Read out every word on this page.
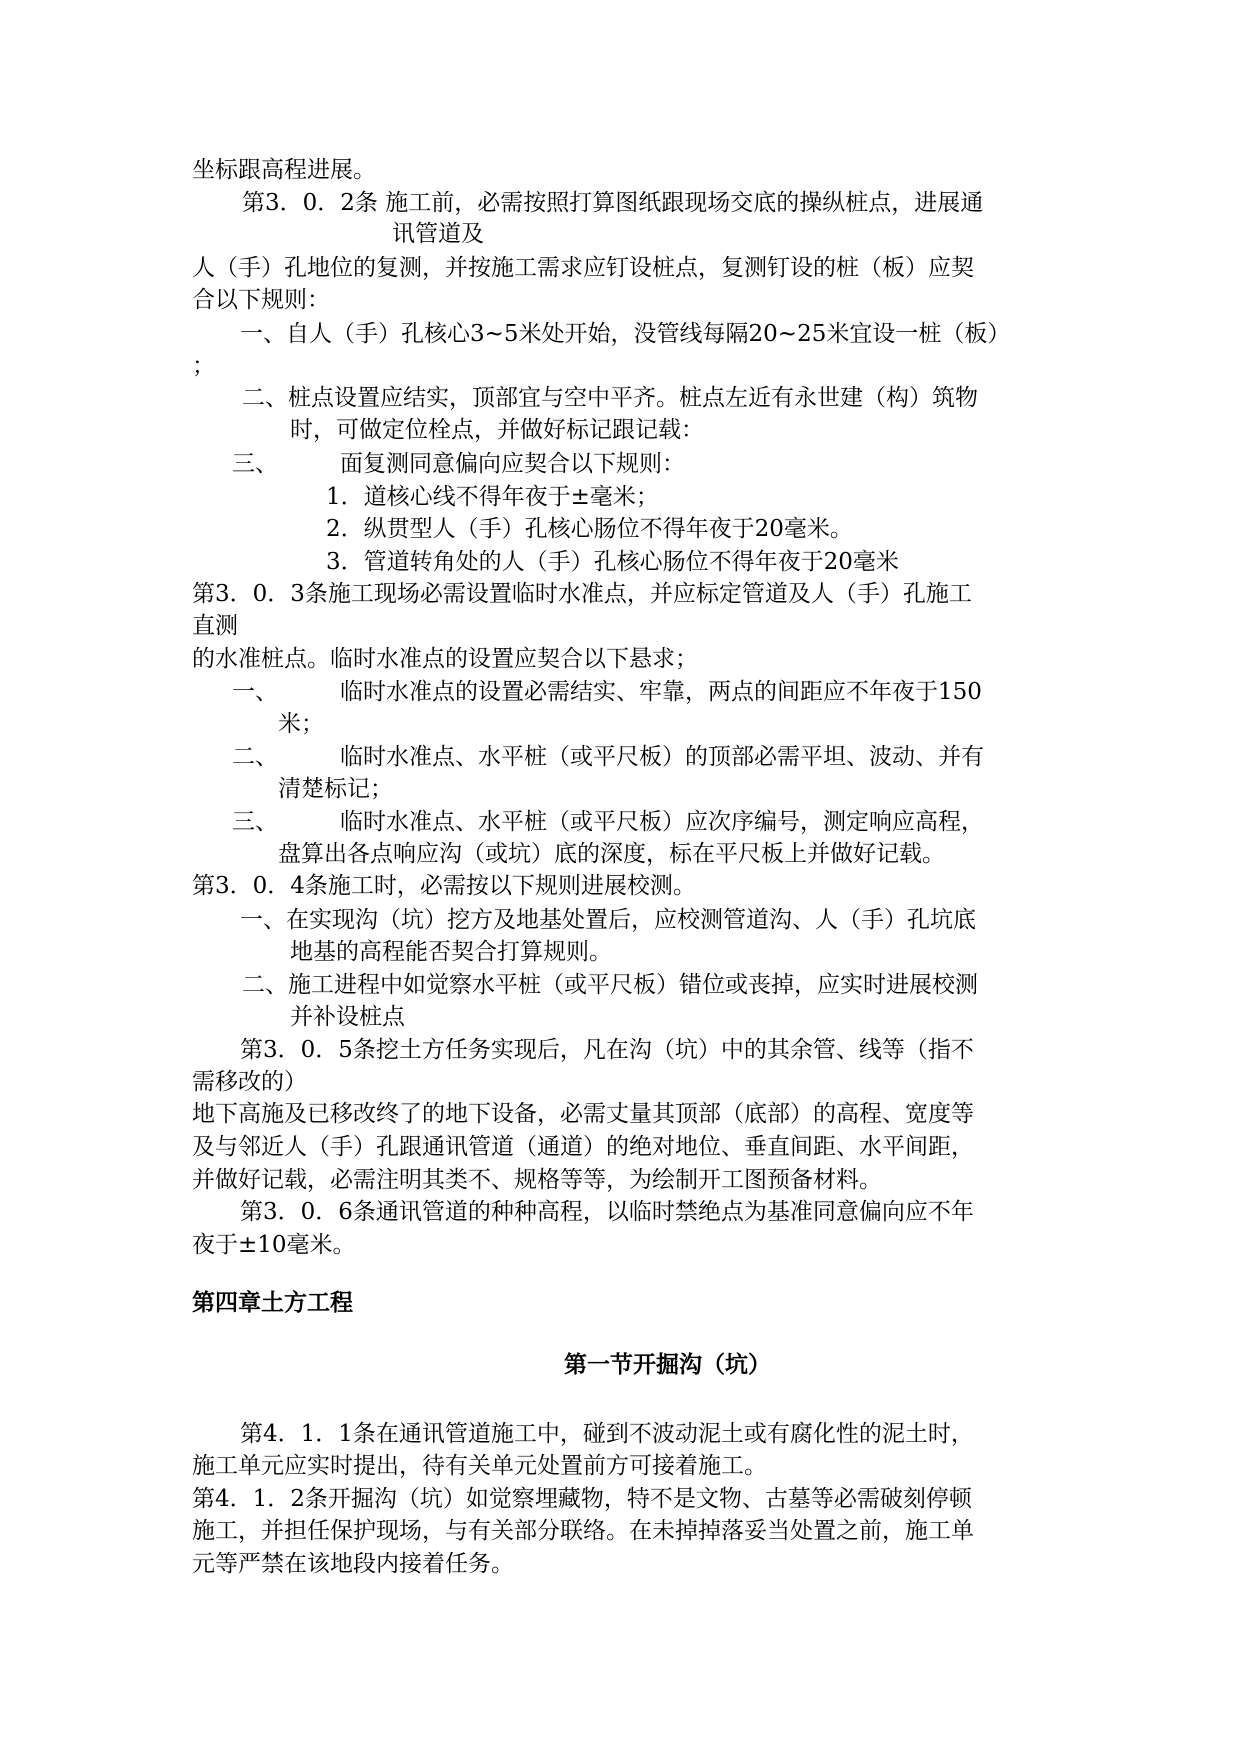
坐标跟高程进展。
第3．0．2条 施工前，必需按照打算图纸跟现场交底的操纵桩点，进展通
讯管道及
人（手）孔地位的复测，并按施工需求应钉设桩点，复测钉设的桩（板）应契
合以下规则：
一、自人（手）孔核心3~5米处开始，没管线每隔20~25米宜设一桩（板）
；
二、桩点设置应结实，顶部宜与空中平齐。桩点左近有永世建（构）筑物
时，可做定位栓点，并做好标记跟记载：
三、	面复测同意偏向应契合以下规则：
1．道核心线不得年夜于±毫米；
2．纵贯型人（手）孔核心肠位不得年夜于20毫米。
3．管道转角处的人（手）孔核心肠位不得年夜于20毫米
第3．0．3条施工现场必需设置临时水准点，并应标定管道及人（手）孔施工
直测
的水准桩点。临时水准点的设置应契合以下悬求；
一、	临时水准点的设置必需结实、牢靠，两点的间距应不年夜于150
米；
二、	临时水准点、水平桩（或平尺板）的顶部必需平坦、波动、并有
清楚标记；
三、	临时水准点、水平桩（或平尺板）应次序编号，测定响应高程，
盘算出各点响应沟（或坑）底的深度，标在平尺板上并做好记载。
第3．0．4条施工时，必需按以下规则进展校测。
一、在实现沟（坑）挖方及地基处置后，应校测管道沟、人（手）孔坑底
地基的高程能否契合打算规则。
二、施工进程中如觉察水平桩（或平尺板）错位或丧掉，应实时进展校测
并补设桩点
第3．0．5条挖土方任务实现后，凡在沟（坑）中的其余管、线等（指不
需移改的）
地下高施及已移改终了的地下设备，必需丈量其顶部（底部）的高程、宽度等
及与邻近人（手）孔跟通讯管道（通道）的绝对地位、垂直间距、水平间距，
并做好记载，必需注明其类不、规格等等，为绘制开工图预备材料。
第3．0．6条通讯管道的种种高程，以临时禁绝点为基准同意偏向应不年
夜于±10毫米。
第四章土方工程
第一节开掘沟（坑）
第4．1．1条在通讯管道施工中，碰到不波动泥土或有腐化性的泥土时，
施工单元应实时提出，待有关单元处置前方可接着施工。
第4．1．2条开掘沟（坑）如觉察埋藏物，特不是文物、古墓等必需破刻停顿
施工，并担任保护现场，与有关部分联络。在未掉掉落妥当处置之前，施工单
元等严禁在该地段内接着任务。
